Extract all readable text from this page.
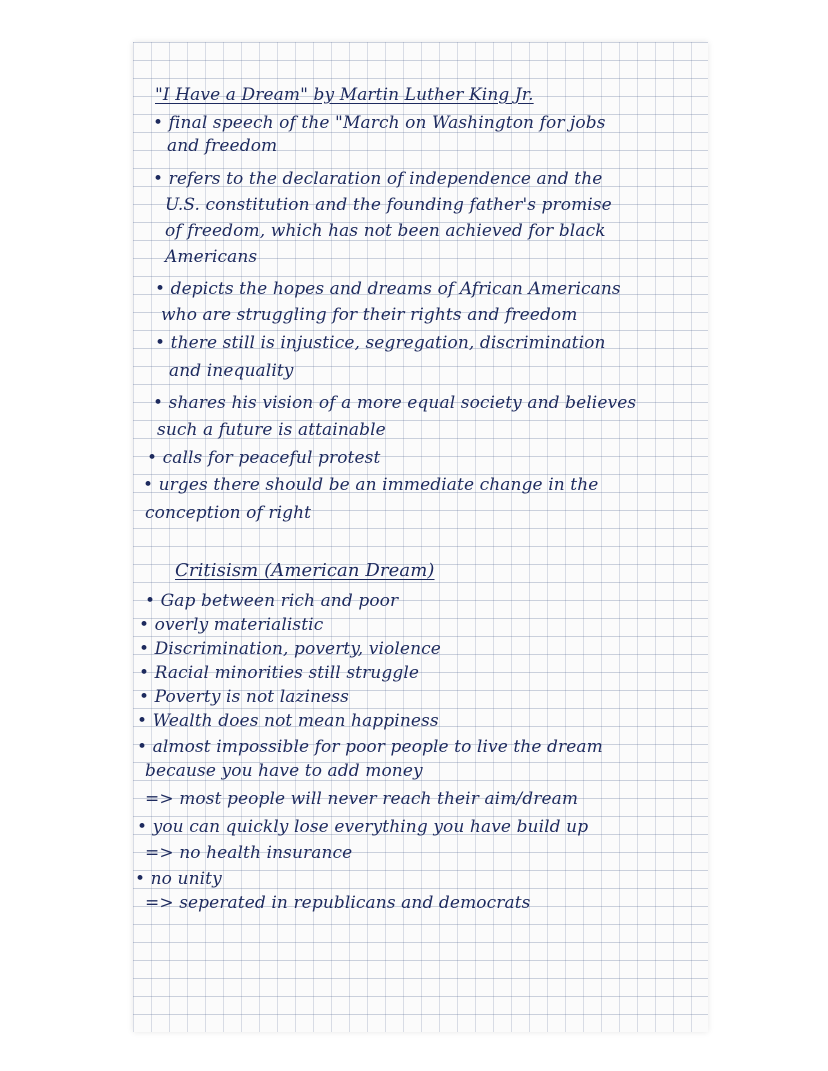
"I Have a Dream" by Martin Luther King Jr.
• final speech of the "March on Washington for jobs
and freedom
• refers to the declaration of independence and the
U.S. constitution and the founding father's promise
of freedom, which has not been achieved for black
Americans
• depicts the hopes and dreams of African Americans
who are struggling for their rights and freedom
• there still is injustice, segregation, discrimination
and inequality
• shares his vision of a more equal society and believes
such a future is attainable
• calls for peaceful protest
• urges there should be an immediate change in the
conception of right
Critisism (American Dream)
• Gap between rich and poor
• overly materialistic
• Discrimination, poverty, violence
• Racial minorities still struggle
• Poverty is not laziness
• Wealth does not mean happiness
• almost impossible for poor people to live the dream
because you have to add money
=> most people will never reach their aim/dream
• you can quickly lose everything you have build up
=> no health insurance
• no unity
=> seperated in republicans and democrats
